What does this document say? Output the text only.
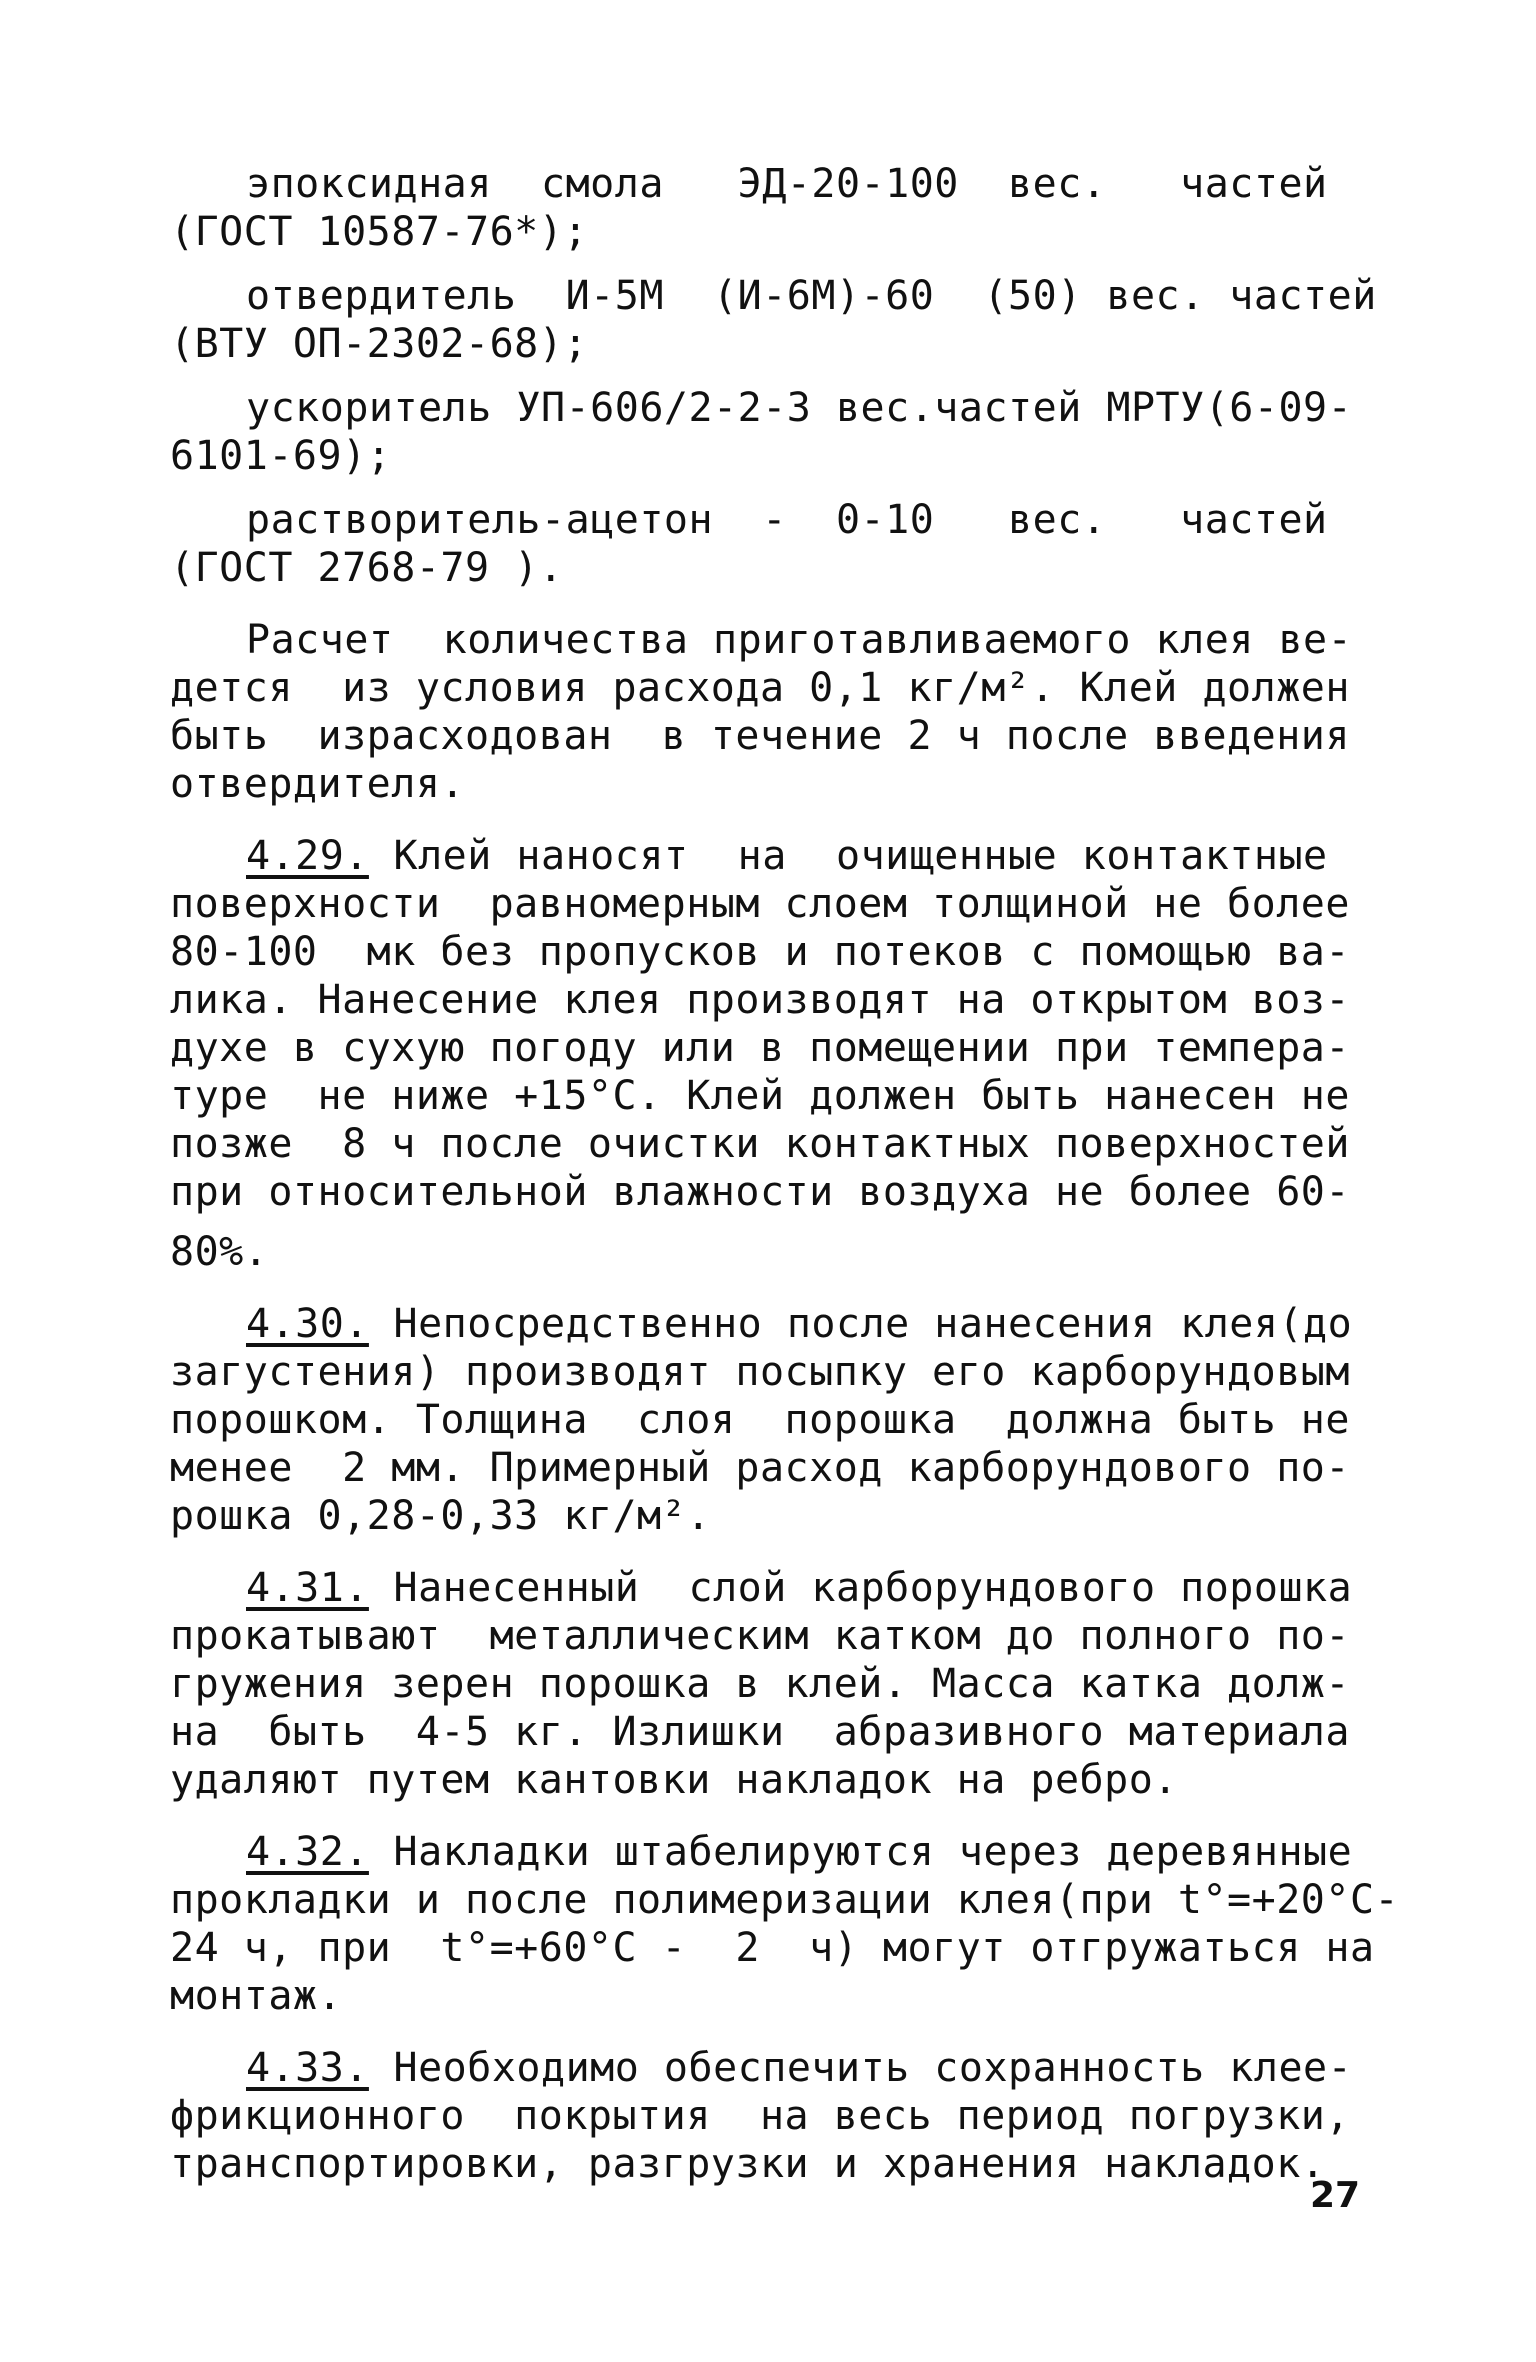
эпоксидная  смола   ЭД-20-100  вес.   частей
(ГОСТ 10587-76*);
отвердитель  И-5М  (И-6М)-60  (50) вес. частей
(ВТУ ОП-2302-68);
ускоритель УП-606/2-2-3 вес.частей МРТУ(6-09-
6101-69);
растворитель-ацетон  -  0-10   вес.   частей
(ГОСТ 2768-79 ).
Расчет  количества приготавливаемого клея ве-
дется  из условия расхода 0,1 кг/м². Клей должен
быть  израсходован  в течение 2 ч после введения
отвердителя.
4.29. Клей наносят  на  очищенные контактные
поверхности  равномерным слоем толщиной не более
80-100  мк без пропусков и потеков с помощью ва-
лика. Нанесение клея производят на открытом воз-
духе в сухую погоду или в помещении при темпера-
туре  не ниже +15°С. Клей должен быть нанесен не
позже  8 ч после очистки контактных поверхностей
при относительной влажности воздуха не более 60-
80%.
4.30. Непосредственно после нанесения клея(до
загустения) производят посыпку его карборундовым
порошком. Толщина  слоя  порошка  должна быть не
менее  2 мм. Примерный расход карборундового по-
рошка 0,28-0,33 кг/м².
4.31. Нанесенный  слой карборундового порошка
прокатывают  металлическим катком до полного по-
гружения зерен порошка в клей. Масса катка долж-
на  быть  4-5 кг. Излишки  абразивного материала
удаляют путем кантовки накладок на ребро.
4.32. Накладки штабелируются через деревянные
прокладки и после полимеризации клея(при t°=+20°С-
24 ч, при  t°=+60°С -  2  ч) могут отгружаться на
монтаж.
4.33. Необходимо обеспечить сохранность клее-
фрикционного  покрытия  на весь период погрузки,
транспортировки, разгрузки и хранения накладок.
27
